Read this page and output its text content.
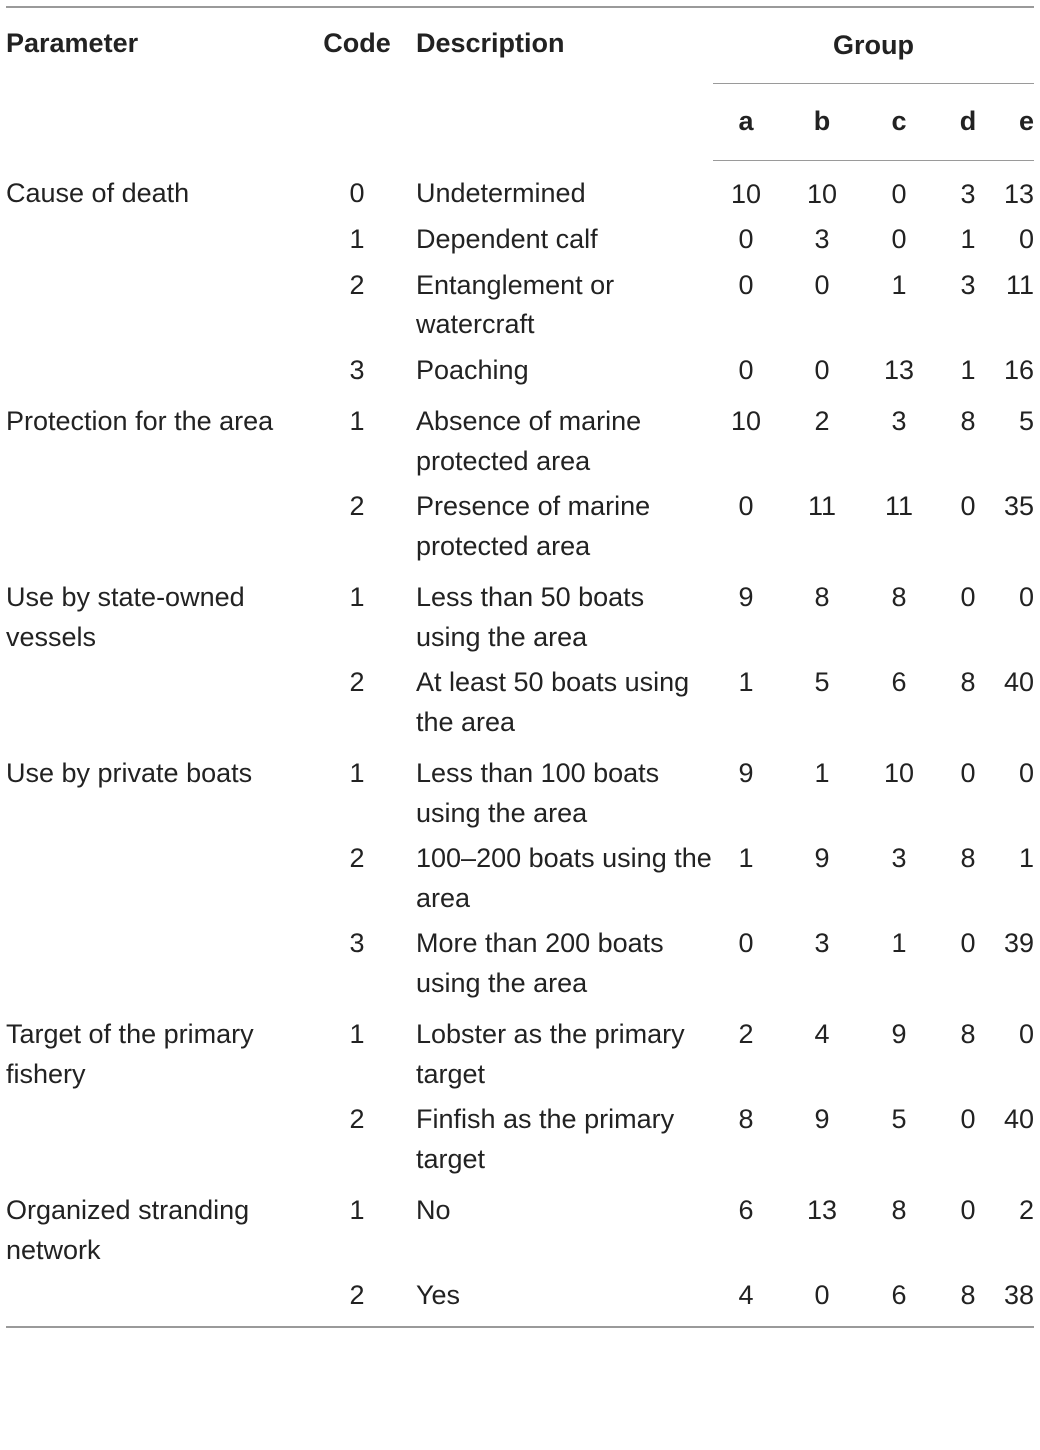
Parameter	Code	Description	Group				
			a	b	c	d	e
Cause of death	0	Undetermined	10	10	0	3	13
	1	Dependent calf	0	3	0	1	0
	2	Entanglement or watercraft	0	0	1	3	11
	3	Poaching	0	0	13	1	16
Protection for the area	1	Absence of marine protected area	10	2	3	8	5
	2	Presence of marine protected area	0	11	11	0	35
Use by state-owned vessels	1	Less than 50 boats using the area	9	8	8	0	0
	2	At least 50 boats using the area	1	5	6	8	40
Use by private boats	1	Less than 100 boats using the area	9	1	10	0	0
	2	100–200 boats using the area	1	9	3	8	1
	3	More than 200 boats using the area	0	3	1	0	39
Target of the primary fishery	1	Lobster as the primary target	2	4	9	8	0
	2	Finfish as the primary target	8	9	5	0	40
Organized stranding network	1	No	6	13	8	0	2
	2	Yes	4	0	6	8	38
